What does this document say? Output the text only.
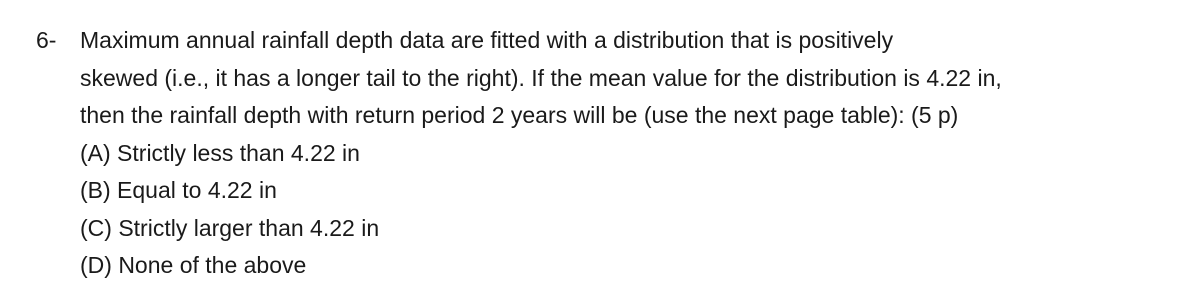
6- Maximum annual rainfall depth data are fitted with a distribution that is positively
skewed (i.e., it has a longer tail to the right). If the mean value for the distribution is 4.22 in,
then the rainfall depth with return period 2 years will be (use the next page table): (5 p)
(A) Strictly less than 4.22 in
(B) Equal to 4.22 in
(C) Strictly larger than 4.22 in
(D) None of the above
